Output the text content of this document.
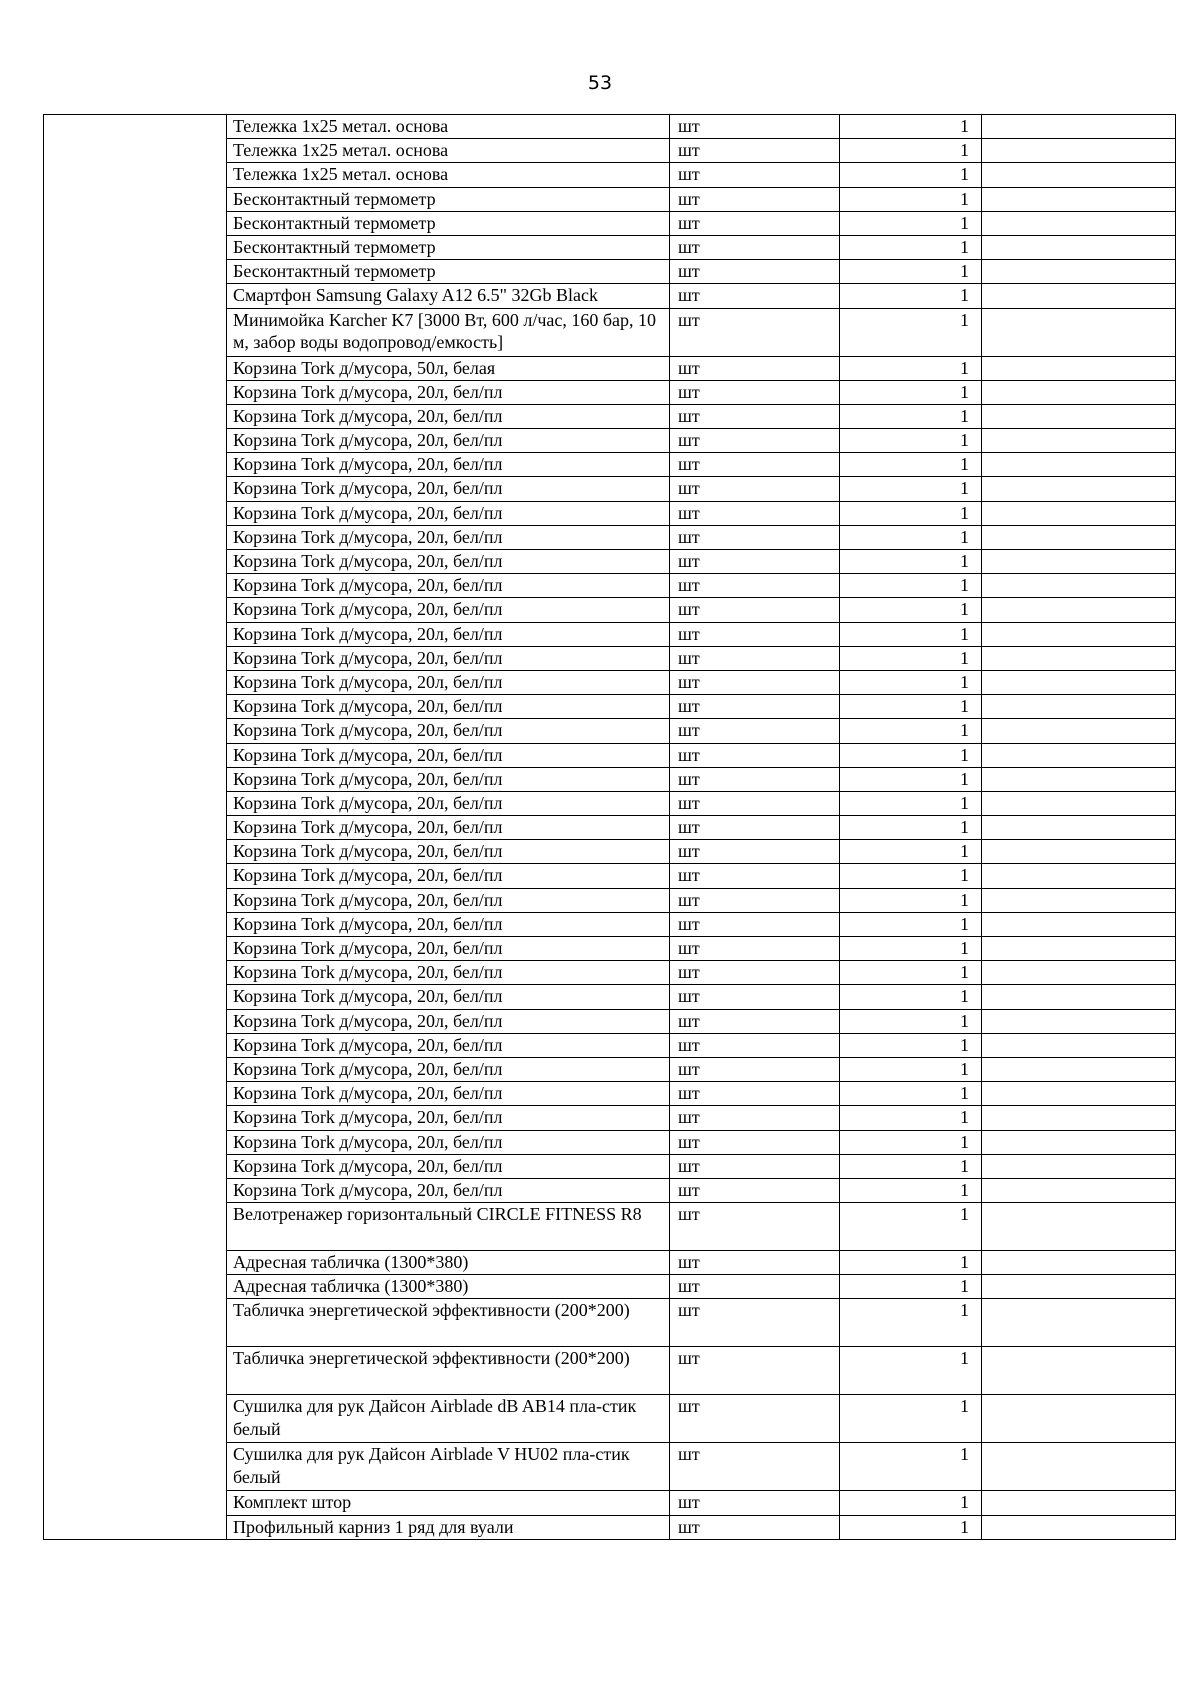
53
	Тележка 1х25 метал. основа	шт	1	
	Тележка 1х25 метал. основа	шт	1	
	Тележка 1х25 метал. основа	шт	1	
	Бесконтактный термометр	шт	1	
	Бесконтактный термометр	шт	1	
	Бесконтактный термометр	шт	1	
	Бесконтактный термометр	шт	1	
	Смартфон Samsung Galaxy A12 6.5" 32Gb Black	шт	1	
	Минимойка Karcher K7 [3000 Вт, 600 л/час, 160 бар, 10 м, забор воды водопровод/емкость]	шт	1	
	Корзина Tork д/мусора, 50л, белая	шт	1	
	Корзина Tork д/мусора, 20л, бел/пл	шт	1	
	Корзина Tork д/мусора, 20л, бел/пл	шт	1	
	Корзина Tork д/мусора, 20л, бел/пл	шт	1	
	Корзина Tork д/мусора, 20л, бел/пл	шт	1	
	Корзина Tork д/мусора, 20л, бел/пл	шт	1	
	Корзина Tork д/мусора, 20л, бел/пл	шт	1	
	Корзина Tork д/мусора, 20л, бел/пл	шт	1	
	Корзина Tork д/мусора, 20л, бел/пл	шт	1	
	Корзина Tork д/мусора, 20л, бел/пл	шт	1	
	Корзина Tork д/мусора, 20л, бел/пл	шт	1	
	Корзина Tork д/мусора, 20л, бел/пл	шт	1	
	Корзина Tork д/мусора, 20л, бел/пл	шт	1	
	Корзина Tork д/мусора, 20л, бел/пл	шт	1	
	Корзина Tork д/мусора, 20л, бел/пл	шт	1	
	Корзина Tork д/мусора, 20л, бел/пл	шт	1	
	Корзина Tork д/мусора, 20л, бел/пл	шт	1	
	Корзина Tork д/мусора, 20л, бел/пл	шт	1	
	Корзина Tork д/мусора, 20л, бел/пл	шт	1	
	Корзина Tork д/мусора, 20л, бел/пл	шт	1	
	Корзина Tork д/мусора, 20л, бел/пл	шт	1	
	Корзина Tork д/мусора, 20л, бел/пл	шт	1	
	Корзина Tork д/мусора, 20л, бел/пл	шт	1	
	Корзина Tork д/мусора, 20л, бел/пл	шт	1	
	Корзина Tork д/мусора, 20л, бел/пл	шт	1	
	Корзина Tork д/мусора, 20л, бел/пл	шт	1	
	Корзина Tork д/мусора, 20л, бел/пл	шт	1	
	Корзина Tork д/мусора, 20л, бел/пл	шт	1	
	Корзина Tork д/мусора, 20л, бел/пл	шт	1	
	Корзина Tork д/мусора, 20л, бел/пл	шт	1	
	Корзина Tork д/мусора, 20л, бел/пл	шт	1	
	Корзина Tork д/мусора, 20л, бел/пл	шт	1	
	Корзина Tork д/мусора, 20л, бел/пл	шт	1	
	Корзина Tork д/мусора, 20л, бел/пл	шт	1	
	Корзина Tork д/мусора, 20л, бел/пл	шт	1	
	Велотренажер горизонтальный CIRCLE FITNESS R8	шт	1	
	Адресная табличка (1300*380)	шт	1	
	Адресная табличка (1300*380)	шт	1	
	Табличка энергетической эффективности (200*200)	шт	1	
	Табличка энергетической эффективности (200*200)	шт	1	
	Сушилка для рук Дайсон Airblade dB AB14 пла-стик белый	шт	1	
	Сушилка для рук Дайсон Airblade V HU02 пла-стик белый	шт	1	
	Комплект штор	шт	1	
	Профильный карниз 1 ряд для вуали	шт	1	
